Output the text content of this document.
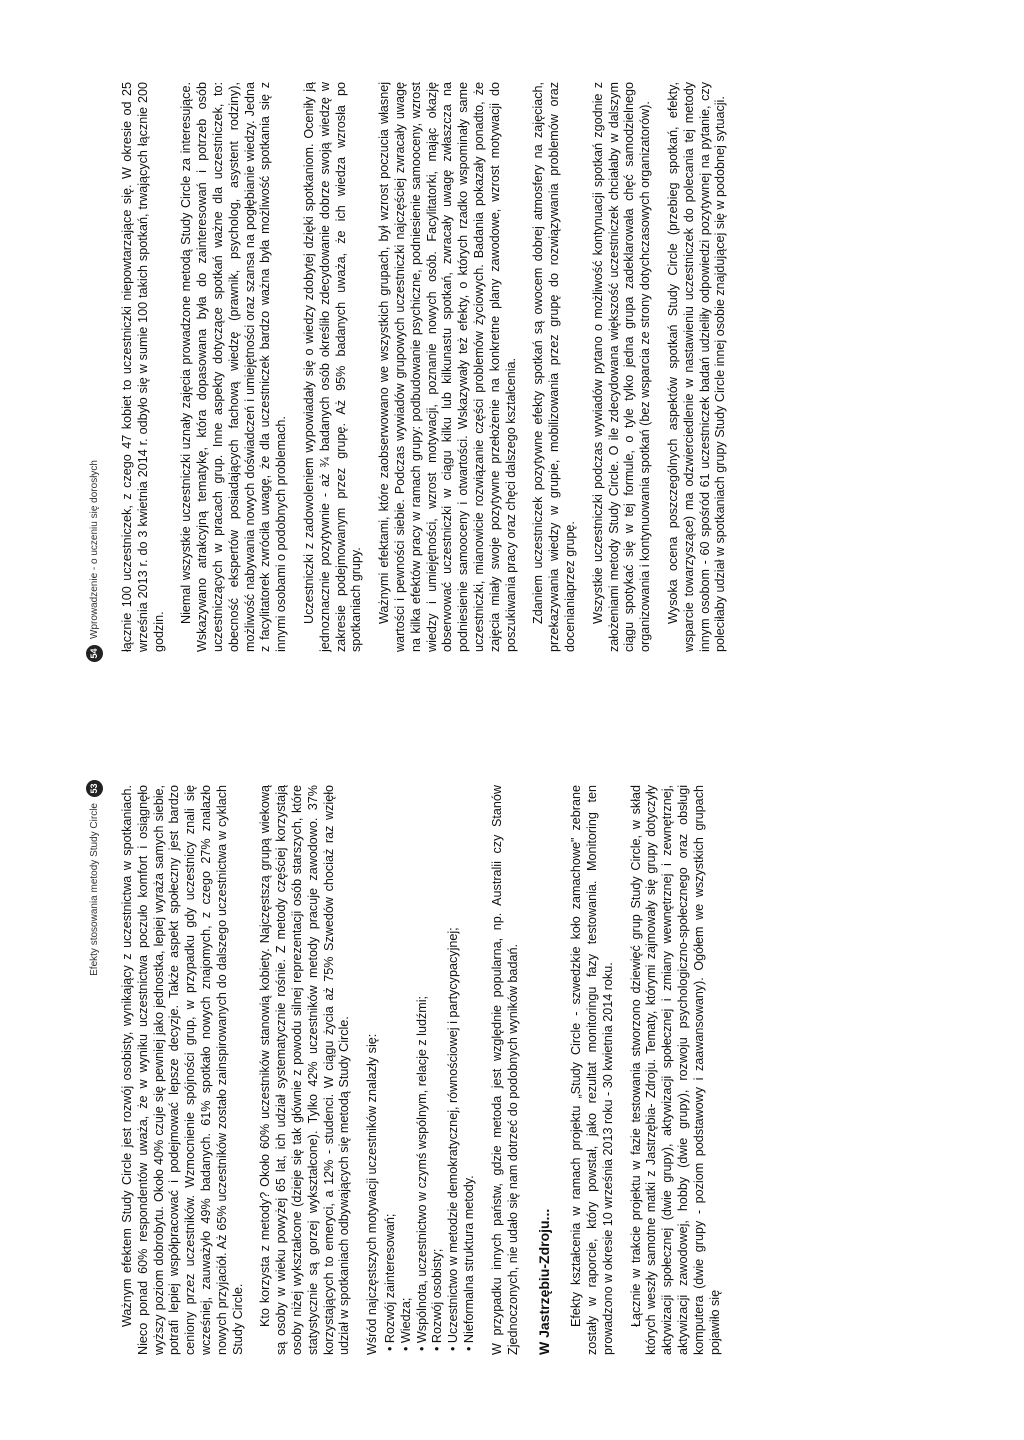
Efekty stosowania metody Study Circle
53	Ważnym efektem Study Circle jest rozwój osobisty, wynikający z uczestnictwa w spotkaniach. Nieco ponad 60% respondentów uważa, że w wyniku uczestnictwa poczuło komfort i osiągnęło wyższy poziom dobrobytu. Około 40% czuje się pewniej jako jednostka, lepiej wyraża samych siebie, potrafi lepiej współpracować i podejmować lepsze decyzje. Także aspekt społeczny jest bardzo ceniony przez uczestników. Wzmocnienie spójności grup, w przypadku gdy uczestnicy znali się wcześniej, zauważyło 49% badanych. 61% spotkało nowych znajomych, z czego 27% znalazło nowych przyjaciół. Aż 65% uczestników zostało zainspirowanych do dalszego uczestnictwa w cyklach Study Circle. Kto korzysta z metody? Około 60% uczestników stanowią kobiety. Najczęstszą grupą wiekową są osoby w wieku powyżej 65 lat, ich udział systematycznie rośnie. Z metody częściej korzystają osoby niżej wykształcone (dzieje się tak głównie z powodu silnej reprezentacji osób starszych, które statystycznie są gorzej wykształcone). Tylko 42% uczestników metody pracuje zawodowo. 37% korzystających to emeryci, a 12% - studenci. W ciągu życia aż 75% Szwedów chociaż raz wzięło udział w spotkaniach odbywających się metodą Study Circle. Wśród najczęstszych motywacji uczestników znalazły się: • Rozwój zainteresowań; • Wiedza; • Wspólnota, uczestnictwo w czymś wspólnym, relacje z ludźmi; • Rozwój osobisty; • Uczestnictwo w metodzie demokratycznej, równościowej i partycypacyjnej; • Nieformalna struktura metody. W przypadku innych państw, gdzie metoda jest względnie popularna, np. Australii czy Stanów Zjednoczonych, nie udało się nam dotrzeć do podobnych wyników badań. W Jastrzębiu-Zdroju... Efekty kształcenia w ramach projektu „Study Circle - szwedzkie koło zamachowe" zebrane zostały w raporcie, który powstał, jako rezultat monitoringu fazy testowania. Monitoring ten prowadzono w okresie 10 września 2013 roku - 30 kwietnia 2014 roku. Łącznie w trakcie projektu w fazie testowania stworzono dziewięć grup Study Circle, w skład których weszły samotne matki z Jastrzębia- Zdroju. Tematy, którymi zajmowały się grupy dotyczyły aktywizacji społecznej (dwie grupy), aktywizacji społecznej i zmiany wewnętrznej i zewnętrznej, aktywizacji zawodowej, hobby (dwie grupy), rozwoju psychologiczno-społecznego oraz obsługi komputera (dwie grupy - poziom podstawowy i zaawansowany). Ogółem we wszystkich grupach pojawiło się

54
Wprowadzenie - o uczeniu się dorosłych łącznie 100 uczestniczek, z czego 47 kobiet to uczestniczki niepowtarzające się. W okresie od 25 września 2013 r. do 3 kwietnia 2014 r. odbyło się w sumie 100 takich spotkań, trwających łącznie 200 godzin.

Niemal wszystkie uczestniczki uznały zajęcia prowadzone metodą Study Circle za interesujące. Wskazywano atrakcyjną tematykę, która dopasowana była do zainteresowań i potrzeb osób uczestniczących w pracach grup. Inne aspekty dotyczące spotkań ważne dla uczestniczek, to: obecność ekspertów posiadających fachową wiedzę (prawnik, psycholog, asystent rodziny), możliwość nabywania nowych doświadczeń i umiejętności oraz szansa na pogłębianie wiedzy. Jedna z facylitatorek zwróciła uwagę, że dla uczestniczek bardzo ważna była możliwość spotkania się z innymi osobami o podobnych problemach. Uczestniczki z zadowoleniem wypowiadały się o wiedzy zdobytej dzięki spotkaniom. Oceniły ją jednoznacznie pozytywnie - aż ¾ badanych osób określiło zdecydowanie dobrze swoją wiedzę w zakresie podejmowanym przez grupę. Aż 95% badanych uważa, że ich wiedza wzrosła po spotkaniach grupy. Ważnymi efektami, które zaobserwowano we wszystkich grupach, był wzrost poczucia własnej wartości i pewności siebie. Podczas wywiadów grupowych uczestniczki najczęściej zwracały uwagę na kilka efektów pracy w ramach grupy: podbudowanie psychiczne, podniesienie samooceny, wzrost wiedzy i umiejętności, wzrost motywacji, poznanie nowych osób. Facylitatorki, mając okazję obserwować uczestniczki w ciągu kilku lub kilkunastu spotkań, zwracały uwagę zwłaszcza na podniesienie samooceny i otwartości. Wskazywały też efekty, o których rzadko wspominały same uczestniczki, mianowicie rozwiązanie części problemów życiowych. Badania pokazały ponadto, że zajęcia miały swoje pozytywne przełożenie na konkretne plany zawodowe, wzrost motywacji do poszukiwania pracy oraz chęci dalszego kształcenia. Zdaniem uczestniczek pozytywne efekty spotkań są owocem dobrej atmosfery na zajęciach, przekazywania wiedzy w grupie, mobilizowania przez grupę do rozwiązywania problemów oraz docenianiaprzez grupę. Wszystkie uczestniczki podczas wywiadów pytano o możliwość kontynuacji spotkań zgodnie z założeniami metody Study Circle. O ile zdecydowana większość uczestniczek chciałaby w dalszym ciągu spotykać się w tej formule, o tyle tylko jedna grupa zadeklarowała chęć samodzielnego organizowania i kontynuowania spotkań (bez wsparcia ze strony dotychczasowych organizatorów). Wysoka ocena poszczególnych aspektów spotkań Study Circle (przebieg spotkań, efekty, wsparcie towarzyszące) ma odzwierciedlenie w nastawieniu uczestniczek do polecania tej metody innym osobom - 60 spośród 61 uczestniczek badań udzieliły odpowiedzi pozytywnej na pytanie, czy poleciłaby udział w spotkaniach grupy Study Circle innej osobie znajdującej się w podobnej sytuacji.
